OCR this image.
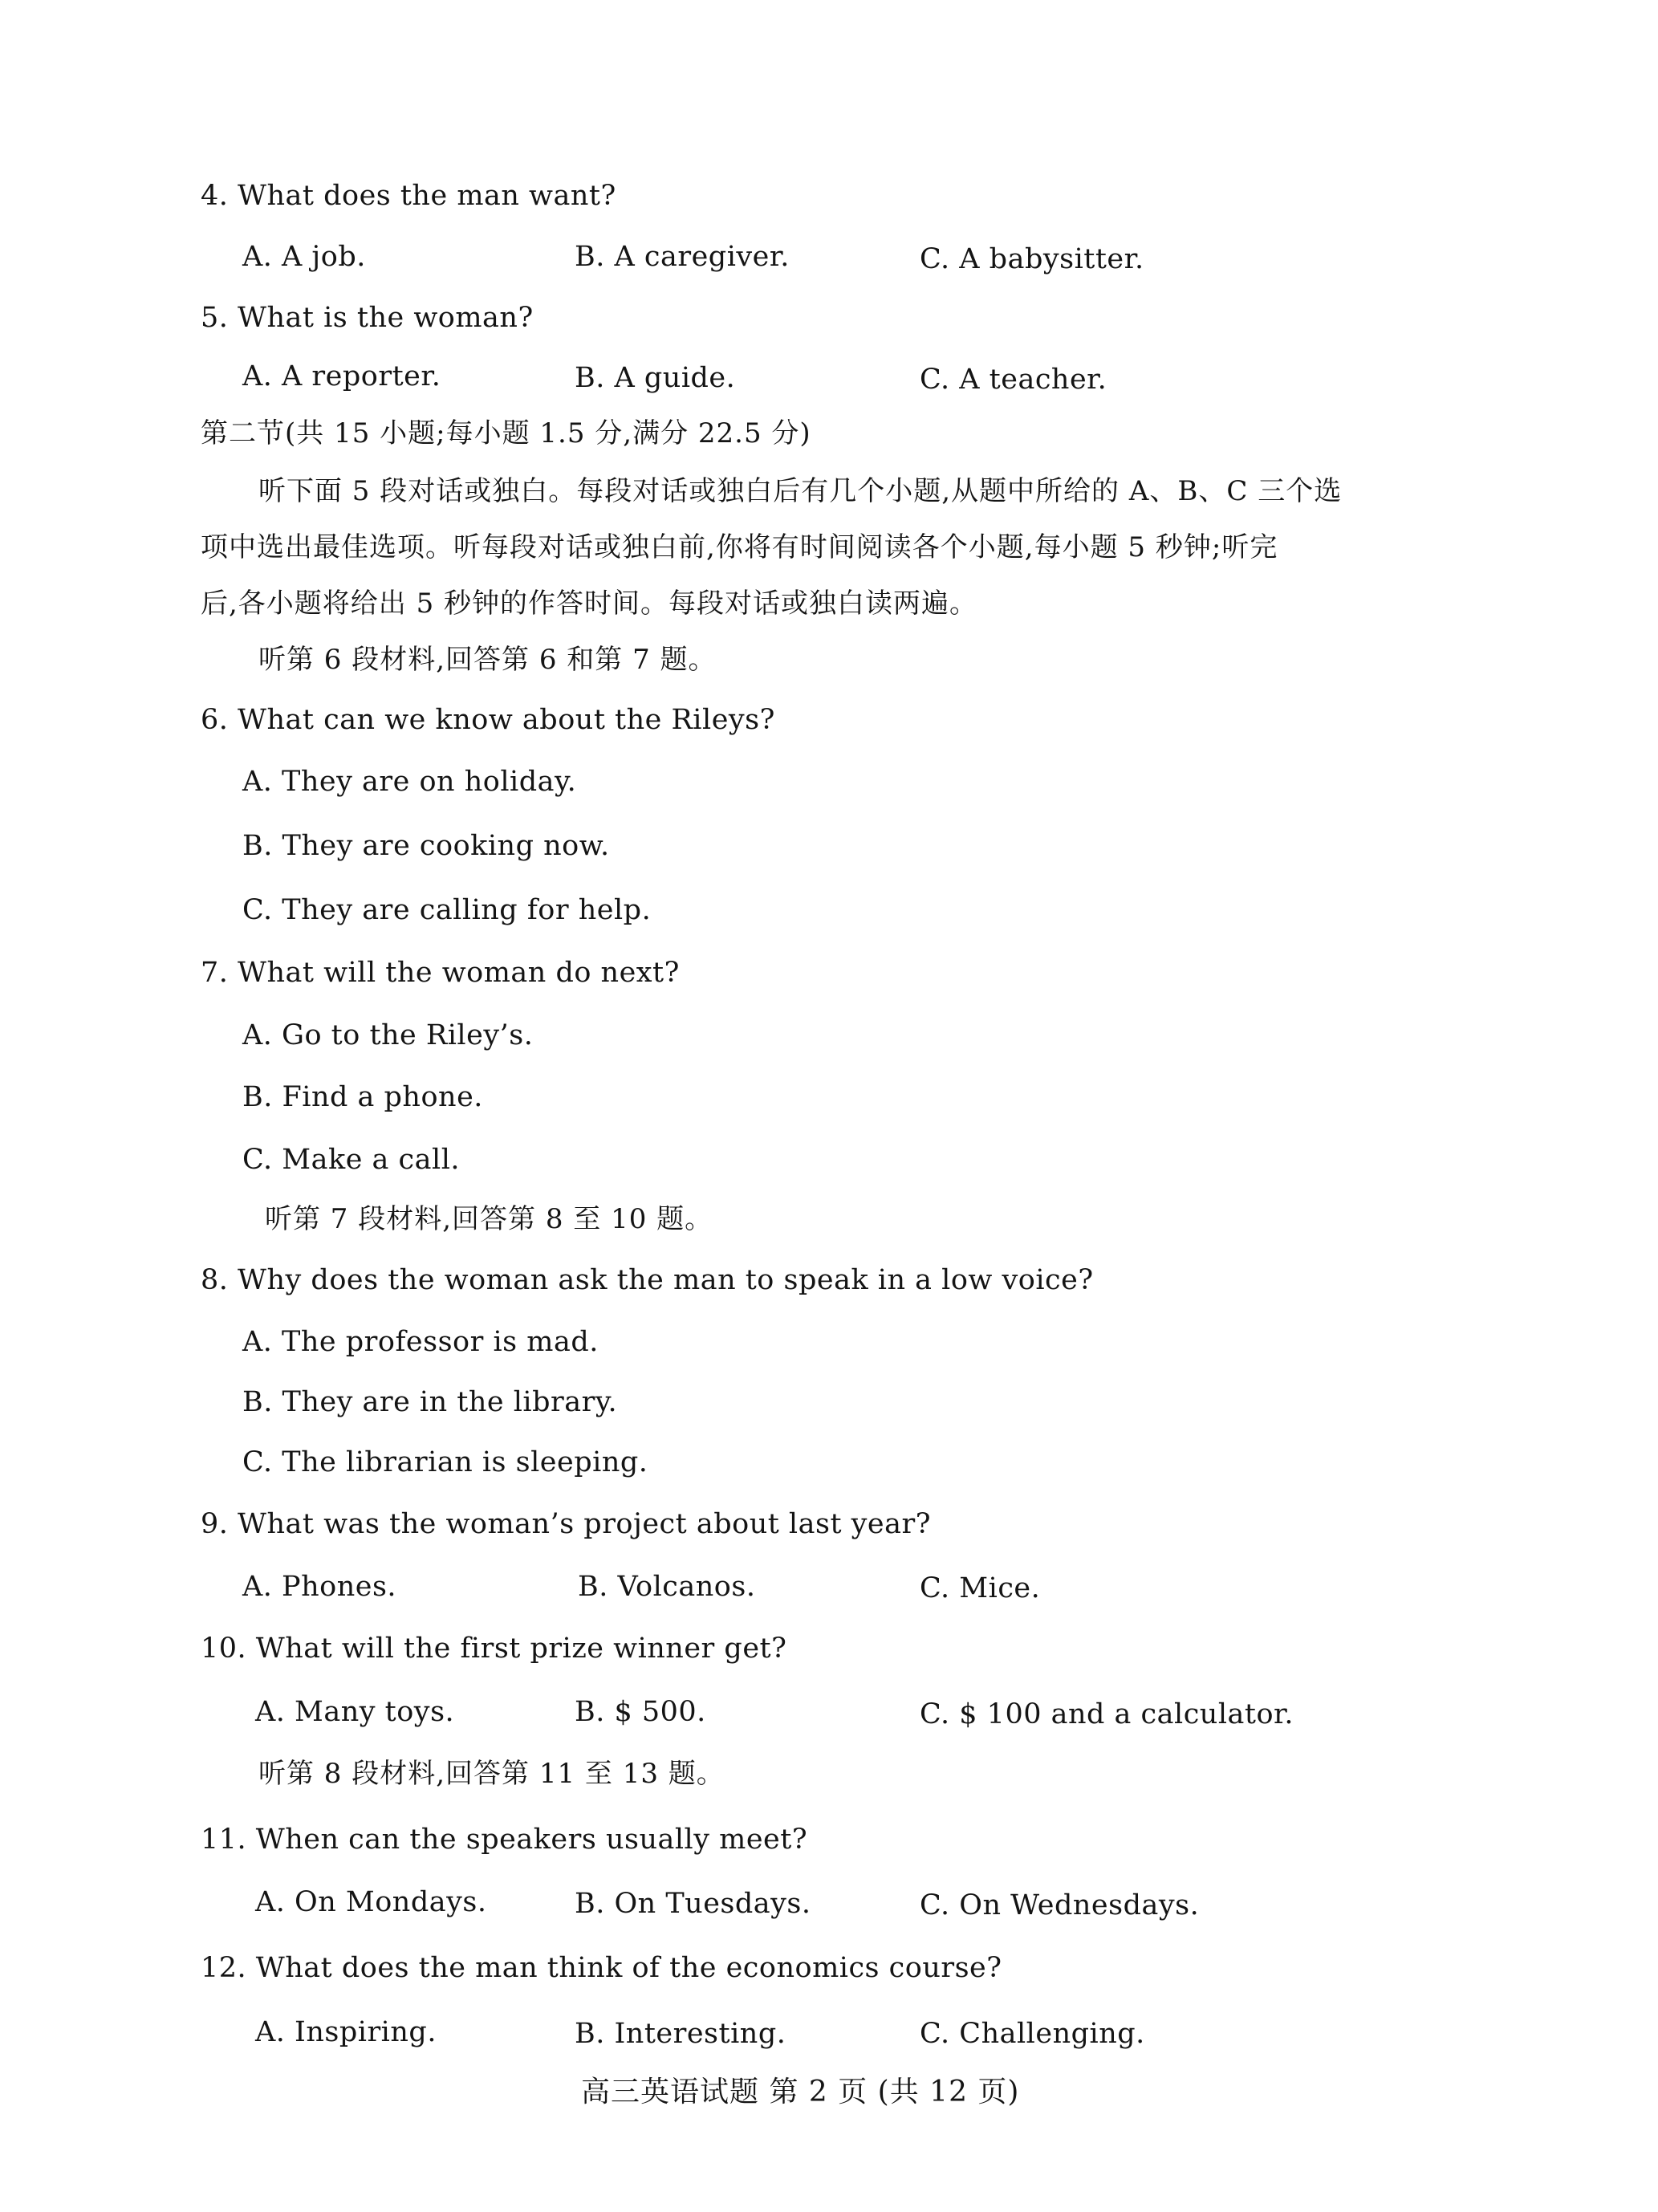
4. What does the man want?
A. A job.	B. A caregiver.	C. A babysitter.
5. What is the woman?
A. A reporter.	B. A guide.	C. A teacher.
第二节(共 15 小题;每小题 1.5 分,满分 22.5 分)
听下面 5 段对话或独白。每段对话或独白后有几个小题,从题中所给的 A、B、C 三个选
项中选出最佳选项。听每段对话或独白前,你将有时间阅读各个小题,每小题 5 秒钟;听完
后,各小题将给出 5 秒钟的作答时间。每段对话或独白读两遍。
听第 6 段材料,回答第 6 和第 7 题。
6. What can we know about the Rileys?
A. They are on holiday.
B. They are cooking now.
C. They are calling for help.
7. What will the woman do next?
A. Go to the Riley’s.
B. Find a phone.
C. Make a call.
听第 7 段材料,回答第 8 至 10 题。
8. Why does the woman ask the man to speak in a low voice?
A. The professor is mad.
B. They are in the library.
C. The librarian is sleeping.
9. What was the woman’s project about last year?
A. Phones.	B. Volcanos.	C. Mice.
10. What will the first prize winner get?
A. Many toys.	B. $ 500.	C. $ 100 and a calculator.
听第 8 段材料,回答第 11 至 13 题。
11. When can the speakers usually meet?
A. On Mondays.	B. On Tuesdays.	C. On Wednesdays.
12. What does the man think of the economics course?
A. Inspiring.	B. Interesting.	C. Challenging.
高三英语试题 第 2 页 (共 12 页)
